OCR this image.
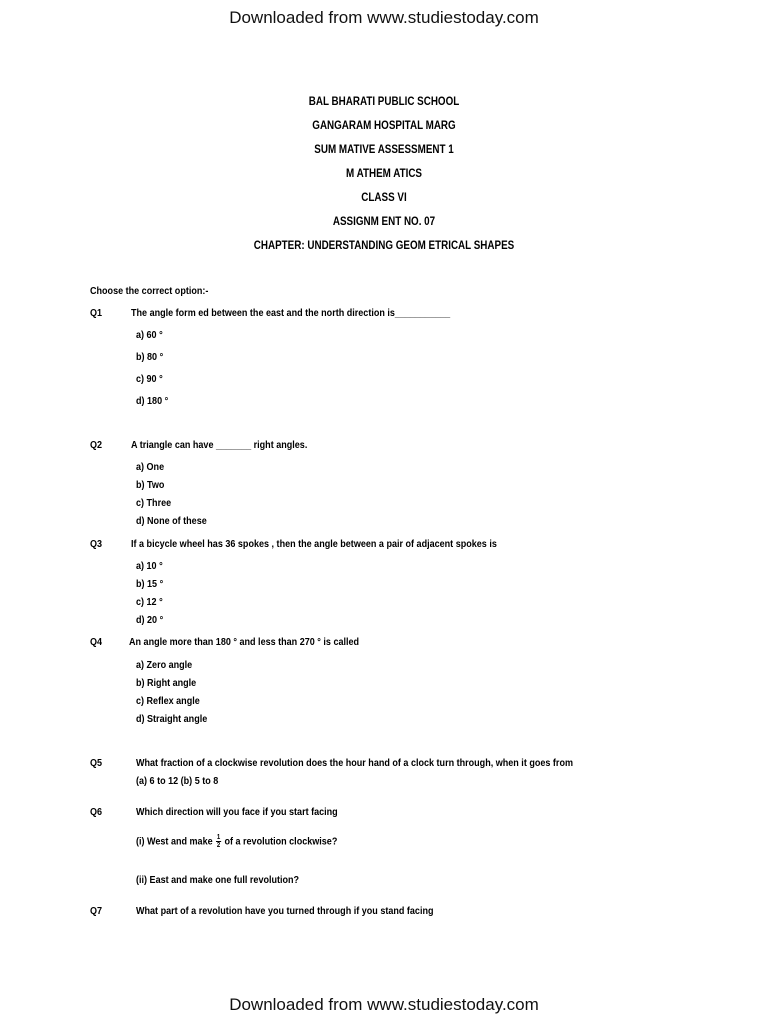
Downloaded from www.studiestoday.com
BAL BHARATI PUBLIC SCHOOL
GANGARAM HOSPITAL MARG
SUM MATIVE ASSESSMENT 1
M ATHEM ATICS
CLASS VI
ASSIGNM ENT NO. 07
CHAPTER: UNDERSTANDING GEOM ETRICAL SHAPES
Choose the correct option:-
Q1	The angle form ed between the east and the north direction is___________
a) 60 °
b) 80 °
c) 90 °
d) 180 °
Q2	A triangle can have _______ right angles.
a) One
b) Two
c) Three
d) None of these
Q3	If a bicycle wheel has 36 spokes , then the angle between a pair of adjacent spokes is
a) 10 °
b) 15 °
c) 12 °
d) 20 °
Q4	An angle more than 180 ° and less than 270 ° is called
a) Zero angle
b) Right angle
c) Reflex angle
d) Straight angle
Q5	What fraction of a clockwise revolution does the hour hand of a clock turn through, when it goes from
(a) 6 to 12 (b) 5 to 8
Q6	Which direction will you face if you start facing
(i) West and make $\frac{1}{2}$ of a revolution clockwise?
(ii) East and make one full revolution?
Q7	What part of a revolution have you turned through if you stand facing
Downloaded from www.studiestoday.com
